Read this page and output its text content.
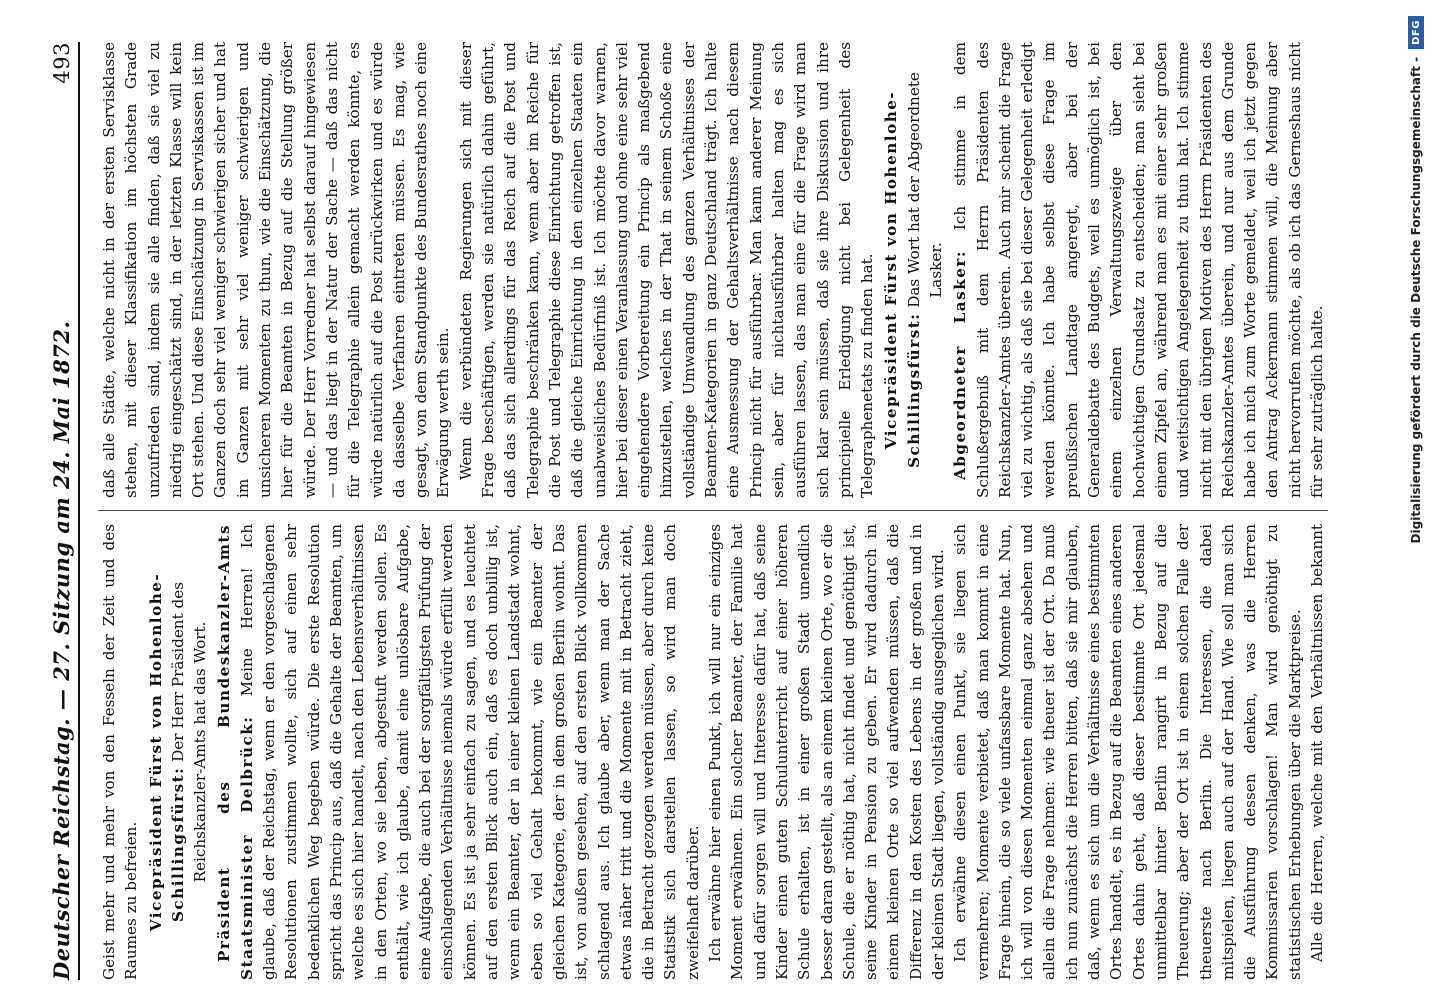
Deutscher Reichstag. — 27. Sitzung am 24. Mai 1872.
493

Geist mehr und mehr von den Fesseln der Zeit und des Raumes zu befreien. Vicepräsident Fürst von Hohenlohe-Schillingsfürst: Der Herr Präsident des Reichskanzler-Amts hat das Wort. Präsident des Bundeskanzler-Amts Staatsminister Delbrück: Meine Herren! Ich glaube, daß der Reichstag, wenn er den vorgeschlagenen Resolutionen zustimmen wollte, sich auf einen sehr bedenklichen Weg begeben würde. Die erste Resolution spricht das Princip aus, daß die Gehalte der Beamten, um welche es sich hier handelt, nach den Lebensverhältnissen in den Orten, wo sie leben, abgestuft werden sollen. Es enthält, wie ich glaube, damit eine unlösbare Aufgabe, eine Aufgabe, die auch bei der sorgfältigsten Prüfung der einschlagenden Verhältnisse niemals würde erfüllt werden können. Es ist ja sehr einfach zu sagen, und es leuchtet auf den ersten Blick auch ein, daß es doch unbillig ist, wenn ein Beamter, der in einer kleinen Landstadt wohnt, eben so viel Gehalt bekommt, wie ein Beamter der gleichen Kategorie, der in dem großen Berlin wohnt. Das ist, von außen gesehen, auf den ersten Blick vollkommen schlagend aus. Ich glaube aber, wenn man der Sache etwas näher tritt und die Momente mit in Betracht zieht, die in Betracht gezogen werden müssen, aber durch keine Statistik sich darstellen lassen, so wird man doch zweifelhaft darüber. Ich erwähne hier einen Punkt, ich will nur ein einziges Moment erwähnen. Ein solcher Beamter, der Familie hat und dafür sorgen will und Interesse dafür hat, daß seine Kinder einen guten Schulunterricht auf einer höheren Schule erhalten, ist in einer großen Stadt unendlich besser daran gestellt, als an einem kleinen Orte, wo er die Schule, die er nöthig hat, nicht findet und genöthigt ist, seine Kinder in Pension zu geben. Er wird dadurch in einem kleinen Orte so viel aufwenden müssen, daß die Differenz in den Kosten des Lebens in der großen und in der kleinen Stadt liegen, vollständig ausgeglichen wird. Ich erwähne diesen einen Punkt, sie liegen sich vermehren; Momente verbietet, daß man kommt in eine Frage hinein, die so viele unfassbare Momente hat. Nun, ich will von diesen Momenten einmal ganz absehen und allein die Frage nehmen: wie theuer ist der Ort. Da muß ich nun zunächst die Herren bitten, daß sie mir glauben, daß, wenn es sich um die Verhältnisse eines bestimmten Ortes handelt, es in Bezug auf die Beamten eines anderen Ortes dahin geht, daß dieser bestimmte Ort jedesmal unmittelbar hinter Berlin rangirt in Bezug auf die Theuerung; aber der Ort ist in einem solchen Falle der theuerste nach Berlin. Die Interessen, die dabei mitspielen, liegen auch auf der Hand. Wie soll man sich die Ausführung dessen denken, was die Herren Kommissarien vorschlagen! Man wird genöthigt zu statistischen Erhebungen über die Marktpreise. Alle die Herren, welche mit den Verhältnissen bekannt

daß alle Städte, welche nicht in der ersten Servisklasse stehen, mit dieser Klassifikation im höchsten Grade unzufrieden sind, indem sie alle finden, daß sie viel zu niedrig eingeschätzt sind, in der letzten Klasse will kein Ort stehen. Und diese Einschätzung in Serviskassen ist im Ganzen doch sehr viel weniger schwierigen sicher und hat im Ganzen mit sehr viel weniger schwierigen und unsicheren Momenten zu thun, wie die Einschätzung, die hier für die Beamten in Bezug auf die Stellung größer würde. Der Herr Vorredner hat selbst darauf hingewiesen — und das liegt in der Natur der Sache — daß das nicht für die Telegraphie allein gemacht werden könnte, es würde natürlich auf die Post zurückwirken und es würde da dasselbe Verfahren eintreten müssen. Es mag, wie gesagt, von dem Standpunkte des Bundesrathes noch eine Erwägung werth sein. Wenn die verbündeten Regierungen sich mit dieser Frage beschäftigen, werden sie natürlich dahin geführt, daß das sich allerdings für das Reich auf die Post und Telegraphie beschränken kann, wenn aber im Reiche für die Post und Telegraphie diese Einrichtung getroffen ist, daß die gleiche Einrichtung in den einzelnen Staaten ein unabweisliches Bedürfniß ist. Ich möchte davor warnen, hier bei dieser einen Veranlassung und ohne eine sehr viel eingehendere Vorbereitung ein Princip als maßgebend hinzustellen, welches in der That in seinem Schoße eine vollständige Umwandlung des ganzen Verhältnisses der Beamten-Kategorien in ganz Deutschland trägt. Ich halte eine Ausmessung der Gehaltsverhältnisse nach diesem Princip nicht für ausführbar. Man kann anderer Meinung sein, aber für nichtausführbar halten mag es sich ausführen lassen, das man eine für die Frage wird man sich klar sein müssen, daß sie ihre Diskussion und ihre principielle Erledigung nicht bei Gelegenheit des Telegraphenetats zu finden hat. Vicepräsident Fürst von Hohenlohe-Schillingsfürst: Das Wort hat der Abgeordnete Lasker. Abgeordneter Lasker: Ich stimme in dem Schlußergebniß mit dem Herrn Präsidenten des Reichskanzler-Amtes überein. Auch mir scheint die Frage viel zu wichtig, als daß sie bei dieser Gelegenheit erledigt werden könnte. Ich habe selbst diese Frage im preußischen Landtage angeregt, aber bei der Generaldebatte des Budgets, weil es unmöglich ist, bei einem einzelnen Verwaltungszweige über den hochwichtigen Grundsatz zu entscheiden; man sieht bei einem Zipfel an, während man es mit einer sehr großen und weitsichtigen Angelegenheit zu thun hat. Ich stimme nicht mit den übrigen Motiven des Herrn Präsidenten des Reichskanzler-Amtes überein, und nur aus dem Grunde habe ich mich zum Worte gemeldet, weil ich jetzt gegen den Antrag Ackermann stimmen will, die Meinung aber nicht hervorrufen möchte, als ob ich das Gerneshaus nicht für sehr zuträglich halte.	Digitalisierung gefördert durch die Deutsche Forschungsgemeinschaft -
DFG
